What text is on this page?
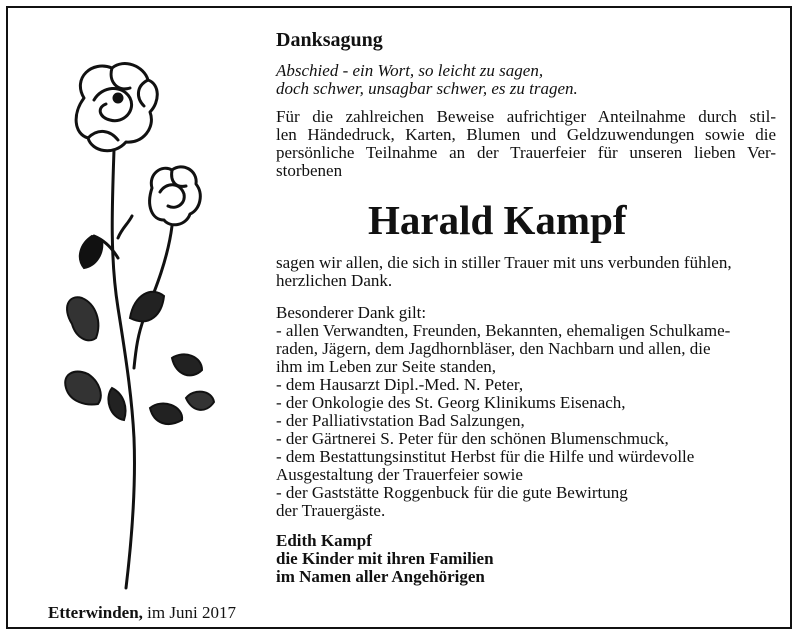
Danksagung
Abschied - ein Wort, so leicht zu sagen,
doch schwer, unsagbar schwer, es zu tragen.
Für die zahlreichen Beweise aufrichtiger Anteilnahme durch stil-
len Händedruck, Karten, Blumen und Geldzuwendungen sowie die
persönliche Teilnahme an der Trauerfeier für unseren lieben Ver-
storbenen
Harald Kampf
sagen wir allen, die sich in stiller Trauer mit uns verbunden fühlen,
herzlichen Dank.
Besonderer Dank gilt:
- allen Verwandten, Freunden, Bekannten, ehemaligen Schulkame-
raden, Jägern, dem Jagdhornbläser, den Nachbarn und allen, die
ihm im Leben zur Seite standen,
- dem Hausarzt Dipl.-Med. N. Peter,
- der Onkologie des St. Georg Klinikums Eisenach,
- der Palliativstation Bad Salzungen,
- der Gärtnerei S. Peter für den schönen Blumenschmuck,
- dem Bestattungsinstitut Herbst für die Hilfe und würdevolle
Ausgestaltung der Trauerfeier sowie
- der Gaststätte Roggenbuck für die gute Bewirtung
der Trauergäste.
Edith Kampf
die Kinder mit ihren Familien
im Namen aller Angehörigen
Etterwinden, im Juni 2017
